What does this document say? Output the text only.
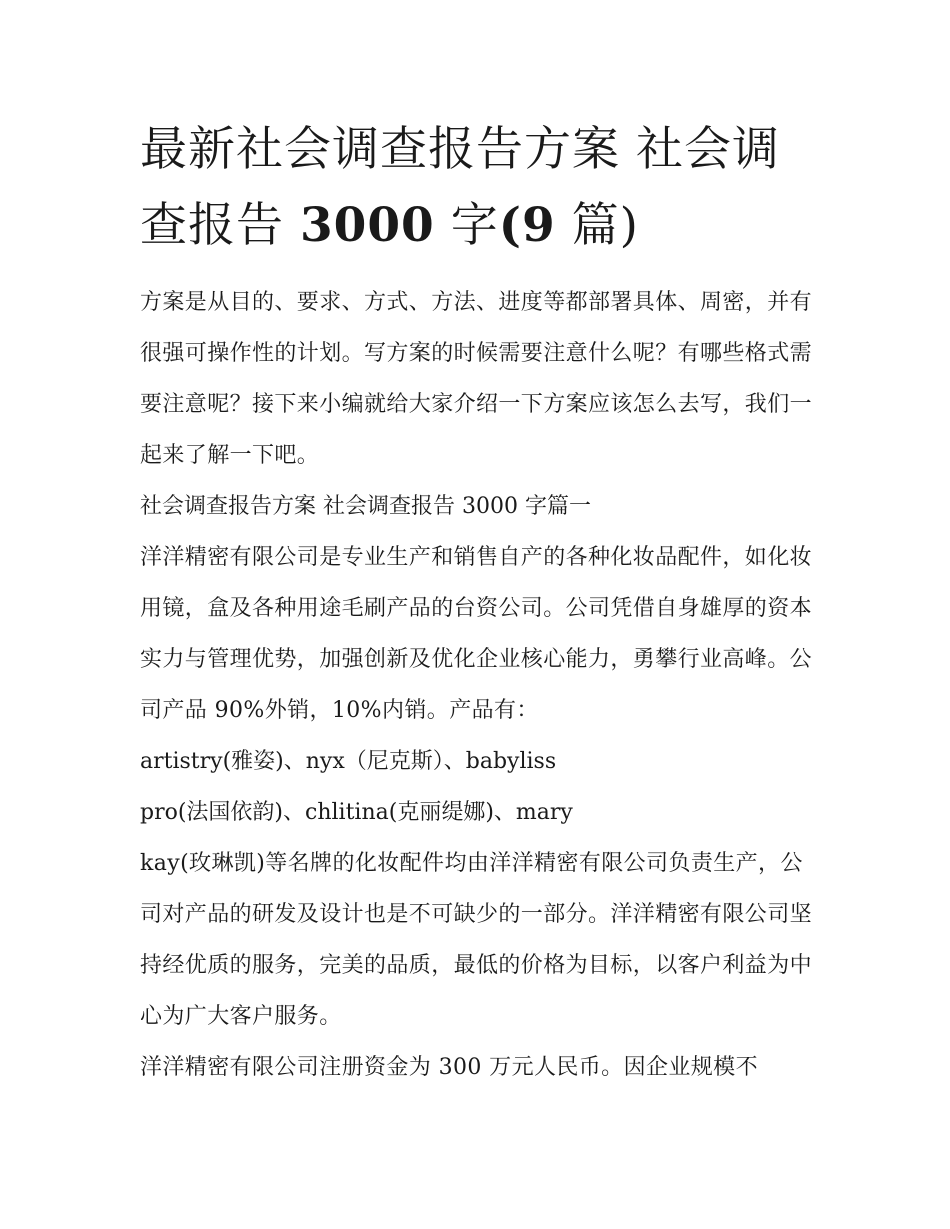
最新社会调查报告方案 社会调查报告 3000 字(9 篇)

方案是从目的、要求、方式、方法、进度等都部署具体、周密，并有很强可操作性的计划。写方案的时候需要注意什么呢？有哪些格式需要注意呢？接下来小编就给大家介绍一下方案应该怎么去写，我们一起来了解一下吧。

社会调查报告方案 社会调查报告 3000 字篇一

洋洋精密有限公司是专业生产和销售自产的各种化妆品配件，如化妆用镜，盒及各种用途毛刷产品的台资公司。公司凭借自身雄厚的资本实力与管理优势，加强创新及优化企业核心能力，勇攀行业高峰。公司产品 90%外销，10%内销。产品有：

artistry(雅姿)、nyx（尼克斯）、babyliss

pro(法国依韵)、chlitina(克丽缇娜)、mary

kay(玫琳凯)等名牌的化妆配件均由洋洋精密有限公司负责生产，公司对产品的研发及设计也是不可缺少的一部分。洋洋精密有限公司坚持经优质的服务，完美的品质，最低的价格为目标，以客户利益为中心为广大客户服务。

洋洋精密有限公司注册资金为 300 万元人民币。因企业规模不
